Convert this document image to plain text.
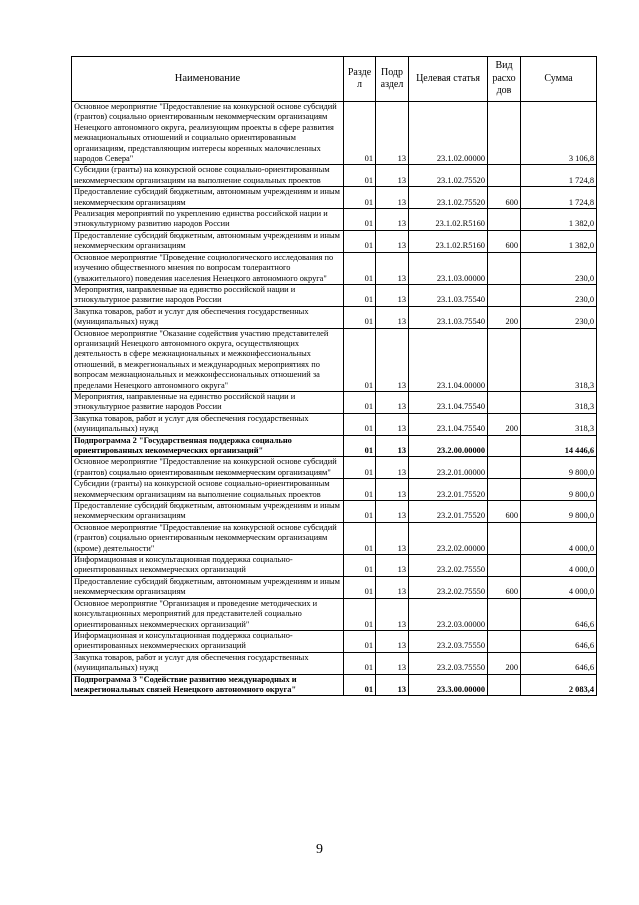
Наименование	Разде л	Подр аздел	Целевая статья	Вид расхо дов	Сумма
Основное мероприятие "Предоставление на конкурсной основе субсидий (грантов) социально ориентированным некоммерческим организациям Ненецкого автономного округа, реализующим проекты в сфере развития межнациональных отношений и социально ориентированным организациям, представляющим интересы коренных малочисленных народов Севера"	01	13	23.1.02.00000		3 106,8
Субсидии (гранты) на конкурсной основе социально-ориентированным некоммерческим организациям на выполнение социальных проектов	01	13	23.1.02.75520		1 724,8
Предоставление субсидий бюджетным, автономным учреждениям и иным некоммерческим организациям	01	13	23.1.02.75520	600	1 724,8
Реализация мероприятий по укреплению единства российской нации и этнокультурному развитию народов России	01	13	23.1.02.R5160		1 382,0
Предоставление субсидий бюджетным, автономным учреждениям и иным некоммерческим организациям	01	13	23.1.02.R5160	600	1 382,0
Основное мероприятие "Проведение социологического исследования по изучению общественного мнения по вопросам толерантного (уважительного) поведения населения Ненецкого автономного округа"	01	13	23.1.03.00000		230,0
Мероприятия, направленные на единство российской нации и этнокультурное развитие народов России	01	13	23.1.03.75540		230,0
Закупка товаров, работ и услуг для обеспечения государственных (муниципальных) нужд	01	13	23.1.03.75540	200	230,0
Основное мероприятие "Оказание содействия участию представителей организаций Ненецкого автономного округа, осуществляющих деятельность в сфере межнациональных и межконфессиональных отношений, в межрегиональных и международных мероприятиях по вопросам межнациональных и межконфессиональных отношений за пределами Ненецкого автономного округа"	01	13	23.1.04.00000		318,3
Мероприятия, направленные на единство российской нации и этнокультурное развитие народов России	01	13	23.1.04.75540		318,3
Закупка товаров, работ и услуг для обеспечения государственных (муниципальных) нужд	01	13	23.1.04.75540	200	318,3
Подпрограмма 2 "Государственная поддержка социально ориентированных некоммерческих организаций"	01	13	23.2.00.00000		14 446,6
Основное мероприятие "Предоставление на конкурсной основе субсидий (грантов) социально ориентированным некоммерческим организациям"	01	13	23.2.01.00000		9 800,0
Субсидии (гранты) на конкурсной основе социально-ориентированным некоммерческим организациям на выполнение социальных проектов	01	13	23.2.01.75520		9 800,0
Предоставление субсидий бюджетным, автономным учреждениям и иным некоммерческим организациям	01	13	23.2.01.75520	600	9 800,0
Основное мероприятие "Предоставление на конкурсной основе субсидий (грантов) социально ориентированным некоммерческим организациям (кроме) деятельности"	01	13	23.2.02.00000		4 000,0
Информационная и консультационная поддержка социально-ориентированных некоммерческих организаций	01	13	23.2.02.75550		4 000,0
Предоставление субсидий бюджетным, автономным учреждениям и иным некоммерческим организациям	01	13	23.2.02.75550	600	4 000,0
Основное мероприятие "Организация и проведение методических и консультационных мероприятий для представителей социально ориентированных некоммерческих организаций"	01	13	23.2.03.00000		646,6
Информационная и консультационная поддержка социально-ориентированных некоммерческих организаций	01	13	23.2.03.75550		646,6
Закупка товаров, работ и услуг для обеспечения государственных (муниципальных) нужд	01	13	23.2.03.75550	200	646,6
Подпрограмма 3 "Содействие развитию международных и межрегиональных связей Ненецкого автономного округа"	01	13	23.3.00.00000		2 083,4
9
